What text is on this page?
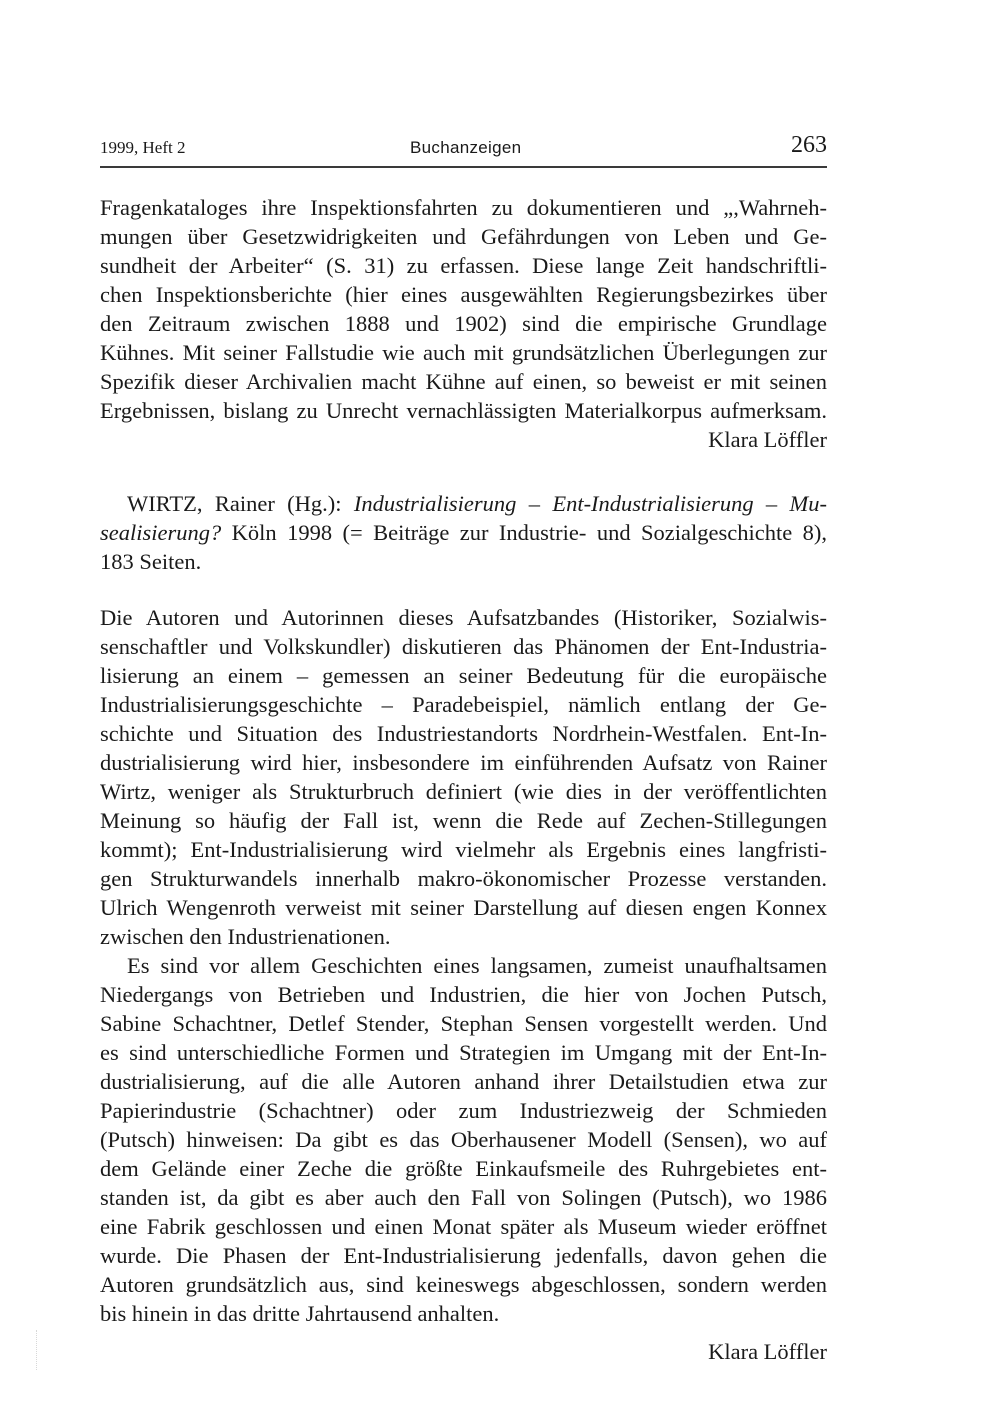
1999, Heft 2	Buchanzeigen	263
Fragenkataloges ihre Inspektionsfahrten zu dokumentieren und „,Wahrneh-
mungen über Gesetzwidrigkeiten und Gefährdungen von Leben und Ge-
sundheit der Arbeiter“ (S. 31) zu erfassen. Diese lange Zeit handschriftli-
chen Inspektionsberichte (hier eines ausgewählten Regierungsbezirkes über
den Zeitraum zwischen 1888 und 1902) sind die empirische Grundlage
Kühnes. Mit seiner Fallstudie wie auch mit grundsätzlichen Überlegungen zur
Spezifik dieser Archivalien macht Kühne auf einen, so beweist er mit seinen
Ergebnissen, bislang zu Unrecht vernachlässigten Materialkorpus aufmerksam.
Klara Löffler
WIRTZ, Rainer (Hg.): Industrialisierung – Ent-Industrialisierung – Mu-
sealisierung? Köln 1998 (= Beiträge zur Industrie- und Sozialgeschichte 8),
183 Seiten.
Die Autoren und Autorinnen dieses Aufsatzbandes (Historiker, Sozialwis-
senschaftler und Volkskundler) diskutieren das Phänomen der Ent-Industria-
lisierung an einem – gemessen an seiner Bedeutung für die europäische
Industrialisierungsgeschichte – Paradebeispiel, nämlich entlang der Ge-
schichte und Situation des Industriestandorts Nordrhein-Westfalen. Ent-In-
dustrialisierung wird hier, insbesondere im einführenden Aufsatz von Rainer
Wirtz, weniger als Strukturbruch definiert (wie dies in der veröffentlichten
Meinung so häufig der Fall ist, wenn die Rede auf Zechen-Stillegungen
kommt); Ent-Industrialisierung wird vielmehr als Ergebnis eines langfristi-
gen Strukturwandels innerhalb makro-ökonomischer Prozesse verstanden.
Ulrich Wengenroth verweist mit seiner Darstellung auf diesen engen Konnex
zwischen den Industrienationen.
Es sind vor allem Geschichten eines langsamen, zumeist unaufhaltsamen
Niedergangs von Betrieben und Industrien, die hier von Jochen Putsch,
Sabine Schachtner, Detlef Stender, Stephan Sensen vorgestellt werden. Und
es sind unterschiedliche Formen und Strategien im Umgang mit der Ent-In-
dustrialisierung, auf die alle Autoren anhand ihrer Detailstudien etwa zur
Papierindustrie (Schachtner) oder zum Industriezweig der Schmieden
(Putsch) hinweisen: Da gibt es das Oberhausener Modell (Sensen), wo auf
dem Gelände einer Zeche die größte Einkaufsmeile des Ruhrgebietes ent-
standen ist, da gibt es aber auch den Fall von Solingen (Putsch), wo 1986
eine Fabrik geschlossen und einen Monat später als Museum wieder eröffnet
wurde. Die Phasen der Ent-Industrialisierung jedenfalls, davon gehen die
Autoren grundsätzlich aus, sind keineswegs abgeschlossen, sondern werden
bis hinein in das dritte Jahrtausend anhalten.
Klara Löffler
